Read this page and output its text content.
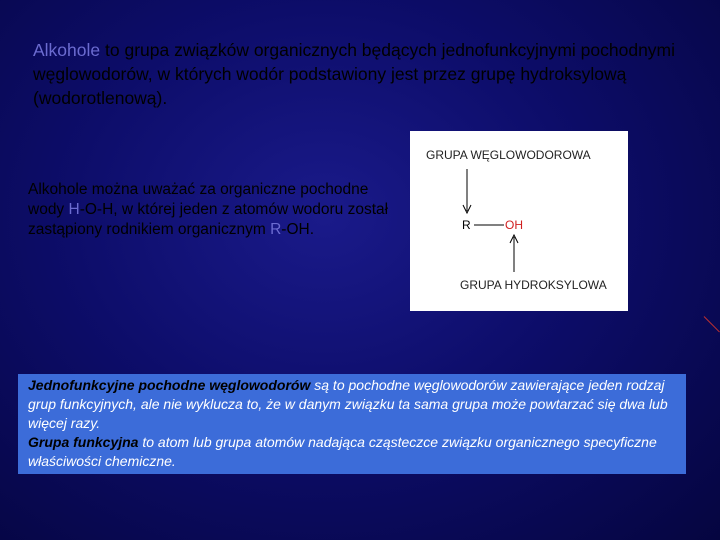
Alkohole to grupa związków organicznych będących jednofunkcyjnymi pochodnymi węglowodorów, w których wodór podstawiony jest przez grupę hydroksylową (wodorotlenową).

Alkohole można uważać za organiczne pochodne wody H-O-H, w której jeden z atomów wodoru został zastąpiony rodnikiem organicznym R-OH.

GRUPA WĘGLOWODOROWA
R	OH
GRUPA HYDROKSYLOWA

Jednofunkcyjne pochodne węglowodorów są to pochodne węglowodorów zawierające jeden rodzaj grup funkcyjnych, ale nie wyklucza to, że w danym związku ta sama grupa może powtarzać się dwa lub więcej razy.

Grupa funkcyjna to atom lub grupa atomów nadająca cząsteczce związku organicznego specyficzne właściwości chemiczne.
